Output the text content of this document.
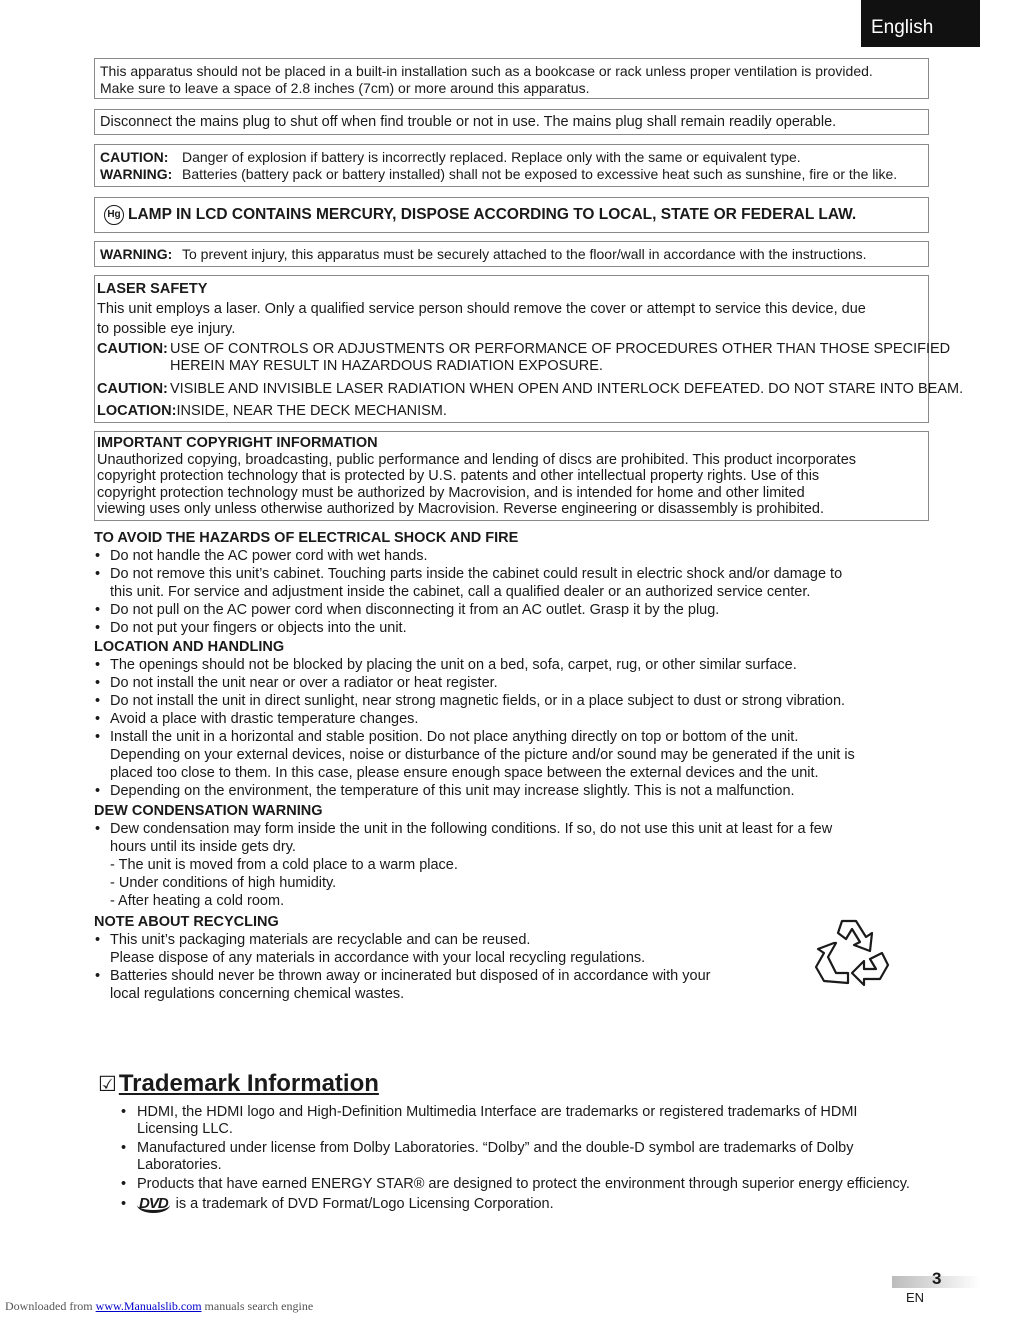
English
This apparatus should not be placed in a built-in installation such as a bookcase or rack unless proper ventilation is provided.
Make sure to leave a space of 2.8 inches (7cm) or more around this apparatus.
Disconnect the mains plug to shut off when find trouble or not in use. The mains plug shall remain readily operable.
CAUTION: Danger of explosion if battery is incorrectly replaced. Replace only with the same or equivalent type.
WARNING: Batteries (battery pack or battery installed) shall not be exposed to excessive heat such as sunshine, fire or the like.
Hg LAMP IN LCD CONTAINS MERCURY, DISPOSE ACCORDING TO LOCAL, STATE OR FEDERAL LAW.
WARNING: To prevent injury, this apparatus must be securely attached to the floor/wall in accordance with the instructions.
LASER SAFETY
This unit employs a laser. Only a qualified service person should remove the cover or attempt to service this device, due
to possible eye injury.
CAUTION: USE OF CONTROLS OR ADJUSTMENTS OR PERFORMANCE OF PROCEDURES OTHER THAN THOSE SPECIFIED
HEREIN MAY RESULT IN HAZARDOUS RADIATION EXPOSURE.
CAUTION: VISIBLE AND INVISIBLE LASER RADIATION WHEN OPEN AND INTERLOCK DEFEATED. DO NOT STARE INTO BEAM.
LOCATION:INSIDE, NEAR THE DECK MECHANISM.
IMPORTANT COPYRIGHT INFORMATION
Unauthorized copying, broadcasting, public performance and lending of discs are prohibited. This product incorporates
copyright protection technology that is protected by U.S. patents and other intellectual property rights. Use of this
copyright protection technology must be authorized by Macrovision, and is intended for home and other limited
viewing uses only unless otherwise authorized by Macrovision. Reverse engineering or disassembly is prohibited.
TO AVOID THE HAZARDS OF ELECTRICAL SHOCK AND FIRE
• Do not handle the AC power cord with wet hands.
• Do not remove this unit’s cabinet. Touching parts inside the cabinet could result in electric shock and/or damage to
this unit. For service and adjustment inside the cabinet, call a qualified dealer or an authorized service center.
• Do not pull on the AC power cord when disconnecting it from an AC outlet. Grasp it by the plug.
• Do not put your fingers or objects into the unit.
LOCATION AND HANDLING
• The openings should not be blocked by placing the unit on a bed, sofa, carpet, rug, or other similar surface.
• Do not install the unit near or over a radiator or heat register.
• Do not install the unit in direct sunlight, near strong magnetic fields, or in a place subject to dust or strong vibration.
• Avoid a place with drastic temperature changes.
• Install the unit in a horizontal and stable position. Do not place anything directly on top or bottom of the unit.
Depending on your external devices, noise or disturbance of the picture and/or sound may be generated if the unit is
placed too close to them. In this case, please ensure enough space between the external devices and the unit.
• Depending on the environment, the temperature of this unit may increase slightly. This is not a malfunction.
DEW CONDENSATION WARNING
• Dew condensation may form inside the unit in the following conditions. If so, do not use this unit at least for a few
hours until its inside gets dry.
- The unit is moved from a cold place to a warm place.
- Under conditions of high humidity.
- After heating a cold room.
NOTE ABOUT RECYCLING
• This unit’s packaging materials are recyclable and can be reused.
Please dispose of any materials in accordance with your local recycling regulations.
• Batteries should never be thrown away or incinerated but disposed of in accordance with your
local regulations concerning chemical wastes.
☑Trademark Information
• HDMI, the HDMI logo and High-Definition Multimedia Interface are trademarks or registered trademarks of HDMI
Licensing LLC.
• Manufactured under license from Dolby Laboratories. “Dolby” and the double-D symbol are trademarks of Dolby
Laboratories.
• Products that have earned ENERGY STAR® are designed to protect the environment through superior energy efficiency.
• DVD is a trademark of DVD Format/Logo Licensing Corporation.
3
EN
Downloaded from www.Manualslib.com manuals search engine
